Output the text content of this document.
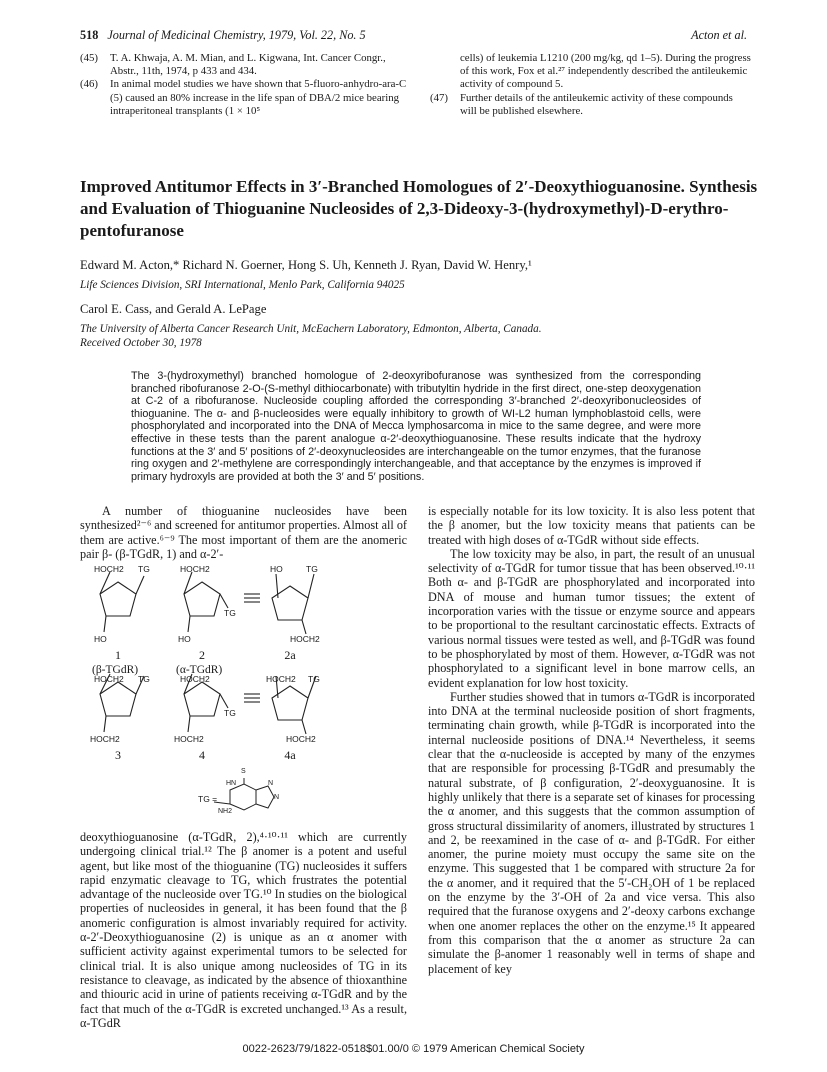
518 Journal of Medicinal Chemistry, 1979, Vol. 22, No. 5	Acton et al.
(45) T. A. Khwaja, A. M. Mian, and L. Kigwana, Int. Cancer Congr., Abstr., 11th, 1974, p 433 and 434.
(46) In animal model studies we have shown that 5-fluoro-anhydro-ara-C (5) caused an 80% increase in the life span of DBA/2 mice bearing intraperitoneal transplants (1 × 10⁵
cells) of leukemia L1210 (200 mg/kg, qd 1–5). During the progress of this work, Fox et al.²⁷ independently described the antileukemic activity of compound 5.
(47) Further details of the antileukemic activity of these compounds will be published elsewhere.
Improved Antitumor Effects in 3′-Branched Homologues of 2′-Deoxythioguanosine. Synthesis and Evaluation of Thioguanine Nucleosides of 2,3-Dideoxy-3-(hydroxymethyl)-D-erythro-pentofuranose
Edward M. Acton,* Richard N. Goerner, Hong S. Uh, Kenneth J. Ryan, David W. Henry,¹
Life Sciences Division, SRI International, Menlo Park, California 94025
Carol E. Cass, and Gerald A. LePage
The University of Alberta Cancer Research Unit, McEachern Laboratory, Edmonton, Alberta, Canada.
Received October 30, 1978
The 3-(hydroxymethyl) branched homologue of 2-deoxyribofuranose was synthesized from the corresponding branched ribofuranose 2-O-(S-methyl dithiocarbonate) with tributyltin hydride in the first direct, one-step deoxygenation at C-2 of a ribofuranose. Nucleoside coupling afforded the corresponding 3′-branched 2′-deoxyribonucleosides of thioguanine. The α- and β-nucleosides were equally inhibitory to growth of WI-L2 human lymphoblastoid cells, were phosphorylated and incorporated into the DNA of Mecca lymphosarcoma in mice to the same degree, and were more effective in these tests than the parent analogue α-2′-deoxythioguanosine. These results indicate that the hydroxy functions at the 3′ and 5′ positions of 2′-deoxynucleosides are interchangeable on the tumor enzymes, that the furanose ring oxygen and 2′-methylene are correspondingly interchangeable, and that acceptance by the enzymes is improved if primary hydroxyls are provided at both the 3′ and 5′ positions.
A number of thioguanine nucleosides have been synthesized²⁻⁶ and screened for antitumor properties. Almost all of them are active.⁶⁻⁹ The most important of them are the anomeric pair β- (β-TGdR, 1) and α-2′-
HOCH2 TG	HOCH2	HO	TG
TG
HO	HO	HOCH2
1	2	2a
(β-TGdR)	(α-TGdR)
HOCH2 TG	HOCH2	HOCH2 TG
TG
HOCH2	HOCH2	HOCH2
3	4	4a
TG =
S
HN	N
N
NH2
deoxythioguanosine (α-TGdR, 2),⁴·¹⁰·¹¹ which are currently undergoing clinical trial.¹² The β anomer is a potent and useful agent, but like most of the thioguanine (TG) nucleosides it suffers rapid enzymatic cleavage to TG, which frustrates the potential advantage of the nucleoside over TG.¹⁰ In studies on the biological properties of nucleosides in general, it has been found that the β anomeric configuration is almost invariably required for activity. α-2′-Deoxythioguanosine (2) is unique as an α anomer with sufficient activity against experimental tumors to be selected for clinical trial. It is also unique among nucleosides of TG in its resistance to cleavage, as indicated by the absence of thioxanthine and thiouric acid in urine of patients receiving α-TGdR and by the fact that much of the α-TGdR is excreted unchanged.¹³ As a result, α-TGdR

is especially notable for its low toxicity. It is also less potent that the β anomer, but the low toxicity means that patients can be treated with high doses of α-TGdR without side effects.

The low toxicity may be also, in part, the result of an unusual selectivity of α-TGdR for tumor tissue that has been observed.¹⁰·¹¹ Both α- and β-TGdR are phosphorylated and incorporated into DNA of mouse and human tumor tissues; the extent of incorporation varies with the tissue or enzyme source and appears to be proportional to the resultant carcinostatic effects. Extracts of various normal tissues were tested as well, and β-TGdR was found to be phosphorylated by most of them. However, α-TGdR was not phosphorylated to a significant level in bone marrow cells, an evident explanation for low host toxicity.

Further studies showed that in tumors α-TGdR is incorporated into DNA at the terminal nucleoside position of short fragments, terminating chain growth, while β-TGdR is incorporated into the internal nucleoside positions of DNA.¹⁴ Nevertheless, it seems clear that the α-nucleoside is accepted by many of the enzymes that are responsible for processing β-TGdR and presumably the natural substrate, of β configuration, 2′-deoxyguanosine. It is highly unlikely that there is a separate set of kinases for processing the α anomer, and this suggests that the common assumption of gross structural dissimilarity of anomers, illustrated by structures 1 and 2, be reexamined in the case of α- and β-TGdR. For either anomer, the purine moiety must occupy the same site on the enzyme. This suggested that 1 be compared with structure 2a for the α anomer, and it required that the 5′-CH₂OH of 1 be replaced on the enzyme by the 3′-OH of 2a and vice versa. This also required that the furanose oxygens and 2′-deoxy carbons exchange when one anomer replaces the other on the enzyme.¹⁵ It appeared from this comparison that the α anomer as structure 2a can simulate the β-anomer 1 reasonably well in terms of shape and placement of key

0022-2623/79/1822-0518$01.00/0 © 1979 American Chemical Society
